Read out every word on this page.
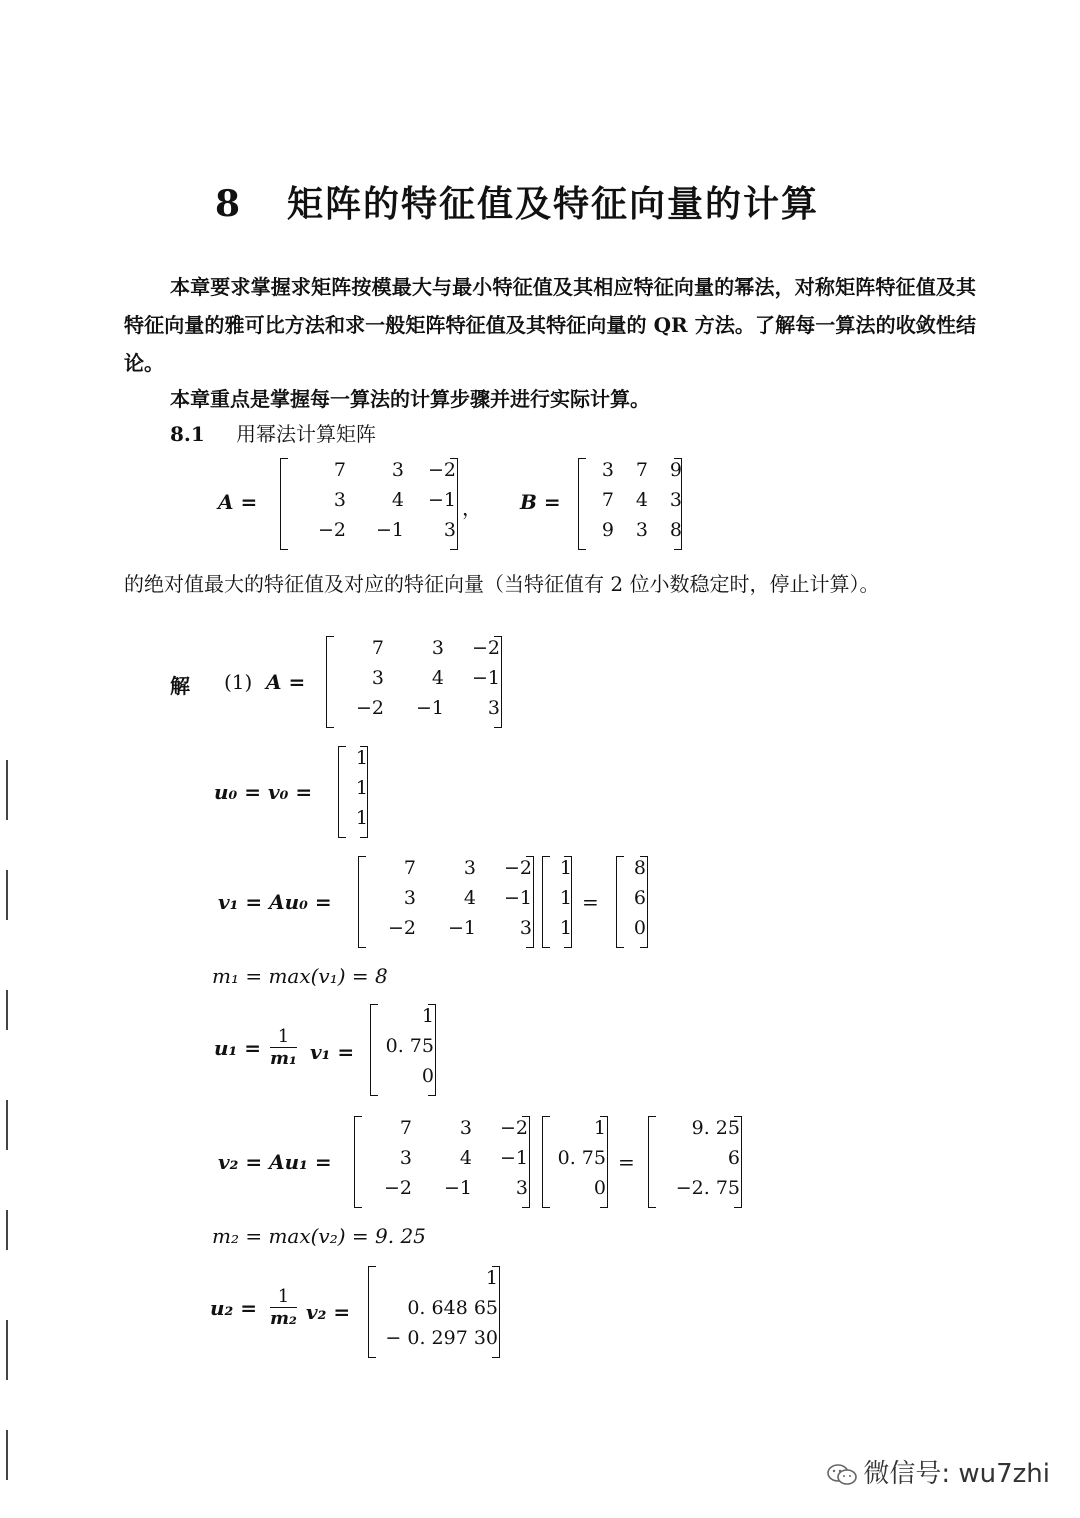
8 矩阵的特征值及特征向量的计算
本章要求掌握求矩阵按模最大与最小特征值及其相应特征向量的幂法，对称矩阵特征值及其特征向量的雅可比方法和求一般矩阵特征值及其特征向量的 QR 方法。了解每一算法的收敛性结论。
本章重点是掌握每一算法的计算步骤并进行实际计算。
8.1 用幂法计算矩阵
A =
7	3	−2
3	4	−1
−2	−1	3
， B =
3	7	9
7	4	3
9	3	8
的绝对值最大的特征值及对应的特征向量（当特征值有 2 位小数稳定时，停止计算）。
解 (1) A =
7	3	−2
3	4	−1
−2	−1	3
u₀ = v₀ =
1
1
1
v₁ = Au₀ =
7	3	−2
3	4	−1
−2	−1	3
1
1
1
=
8
6
0
m₁ = max(v₁) = 8
$u_1 = \frac{1}{\text{m₁}} v_1$ =
1
0. 75
0
v₂ = Au₁ =
7	3	−2
3	4	−1
−2	−1	3
1
0. 75
0
=
9. 25
6
−2. 75
m₂ = max(v₂) = 9. 25
$u_2 = \frac{1}{\text{m₂}} v_2$ =
1
0. 648 65
− 0. 297 30
微信号: wu7zhi
